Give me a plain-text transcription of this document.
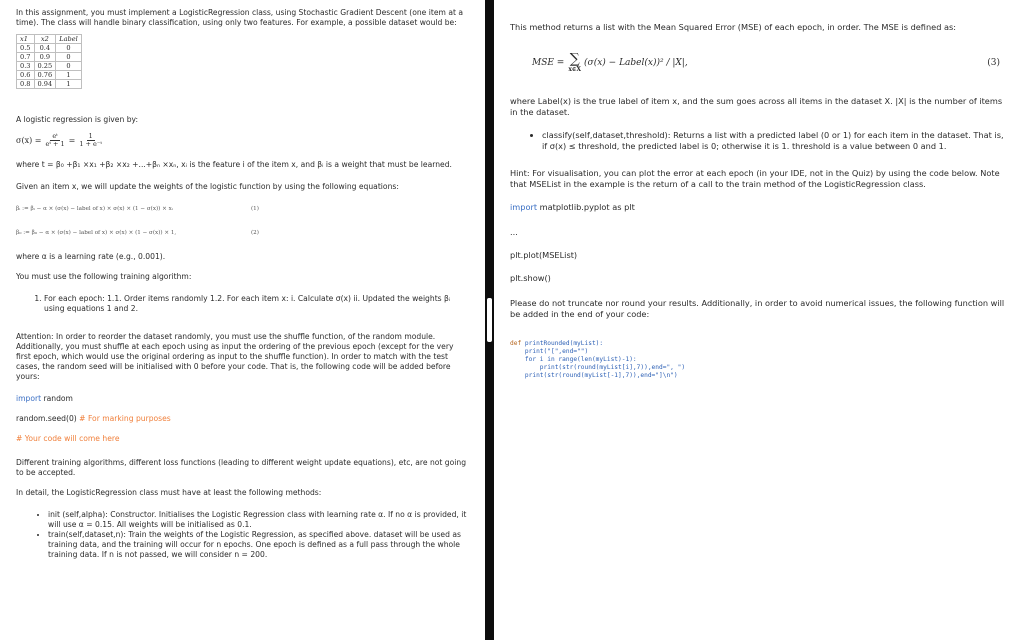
In this assignment, you must implement a LogisticRegression class, using Stochastic Gradient Descent (one item at a time). The class will handle binary classification, using only two features. For example, a possible dataset would be:

x1	x2	Label
0.5	0.4	0
0.7	0.9	0
0.3	0.25	0
0.6	0.76	1
0.8	0.94	1

A logistic regression is given by:

$\sigma(x) = \frac{\text{eᵗ}}{\text{eᵗ + 1}} = \frac{1}{\text{1 + e⁻ᵗ}}$

where t = β₀ +β₁ ×x₁ +β₂ ×x₂ +...+βₙ ×xₙ, xᵢ is the feature i of the item x, and βᵢ is a weight that must be learned.

Given an item x, we will update the weights of the logistic function by using the following equations:

βᵢ := βᵢ − α × (σ(x) − label of x) × σ(x) × (1 − σ(x)) × xᵢ	(1)
β₀ := β₀ − α × (σ(x) − label of x) × σ(x) × (1 − σ(x)) × 1,	(2)

where α is a learning rate (e.g., 0.001).

You must use the following training algorithm:

1. For each epoch: 1.1. Order items randomly 1.2. For each item x: i. Calculate σ(x) ii. Updated the weights βᵢ using equations 1 and 2.

Attention: In order to reorder the dataset randomly, you must use the shuffle function, of the random module. Additionally, you must shuffle at each epoch using as input the ordering of the previous epoch (except for the very first epoch, which would use the original ordering as input to the shuffle function). In order to match with the test cases, the random seed will be initialised with 0 before your code. That is, the following code will be added before yours:

import random

random.seed(0) # For marking purposes

# Your code will come here

Different training algorithms, different loss functions (leading to different weight update equations), etc, are not going to be accepted.

In detail, the LogisticRegression class must have at least the following methods:

• init (self,alpha): Constructor. Initialises the Logistic Regression class with learning rate α. If no α is provided, it will use α = 0.15. All weights will be initialised as 0.1.
• train(self,dataset,n): Train the weights of the Logistic Regression, as specified above. dataset will be used as training data, and the training will occur for n epochs. One epoch is defined as a full pass through the whole training data. If n is not passed, we will consider n = 200.

This method returns a list with the Mean Squared Error (MSE) of each epoch, in order. The MSE is defined as:

MSE = ∑
x∈X
(σ(x) − Label(x))² / |X|,	(3)

where Label(x) is the true label of item x, and the sum goes across all items in the dataset X. |X| is the number of items in the dataset.

• classify(self,dataset,threshold): Returns a list with a predicted label (0 or 1) for each item in the dataset. That is, if σ(x) ≤ threshold, the predicted label is 0; otherwise it is 1. threshold is a value between 0 and 1.

Hint: For visualisation, you can plot the error at each epoch (in your IDE, not in the Quiz) by using the code below. Note that MSEList in the example is the return of a call to the train method of the LogisticRegression class.

import matplotlib.pyplot as plt

...

plt.plot(MSEList)

plt.show()

Please do not truncate nor round your results. Additionally, in order to avoid numerical issues, the following function will be added in the end of your code:

def printRounded(myList):
print("[",end="")
for i in range(len(myList)-1):
print(str(round(myList[i],7)),end=", ")
print(str(round(myList[-1],7)),end="]\n")
